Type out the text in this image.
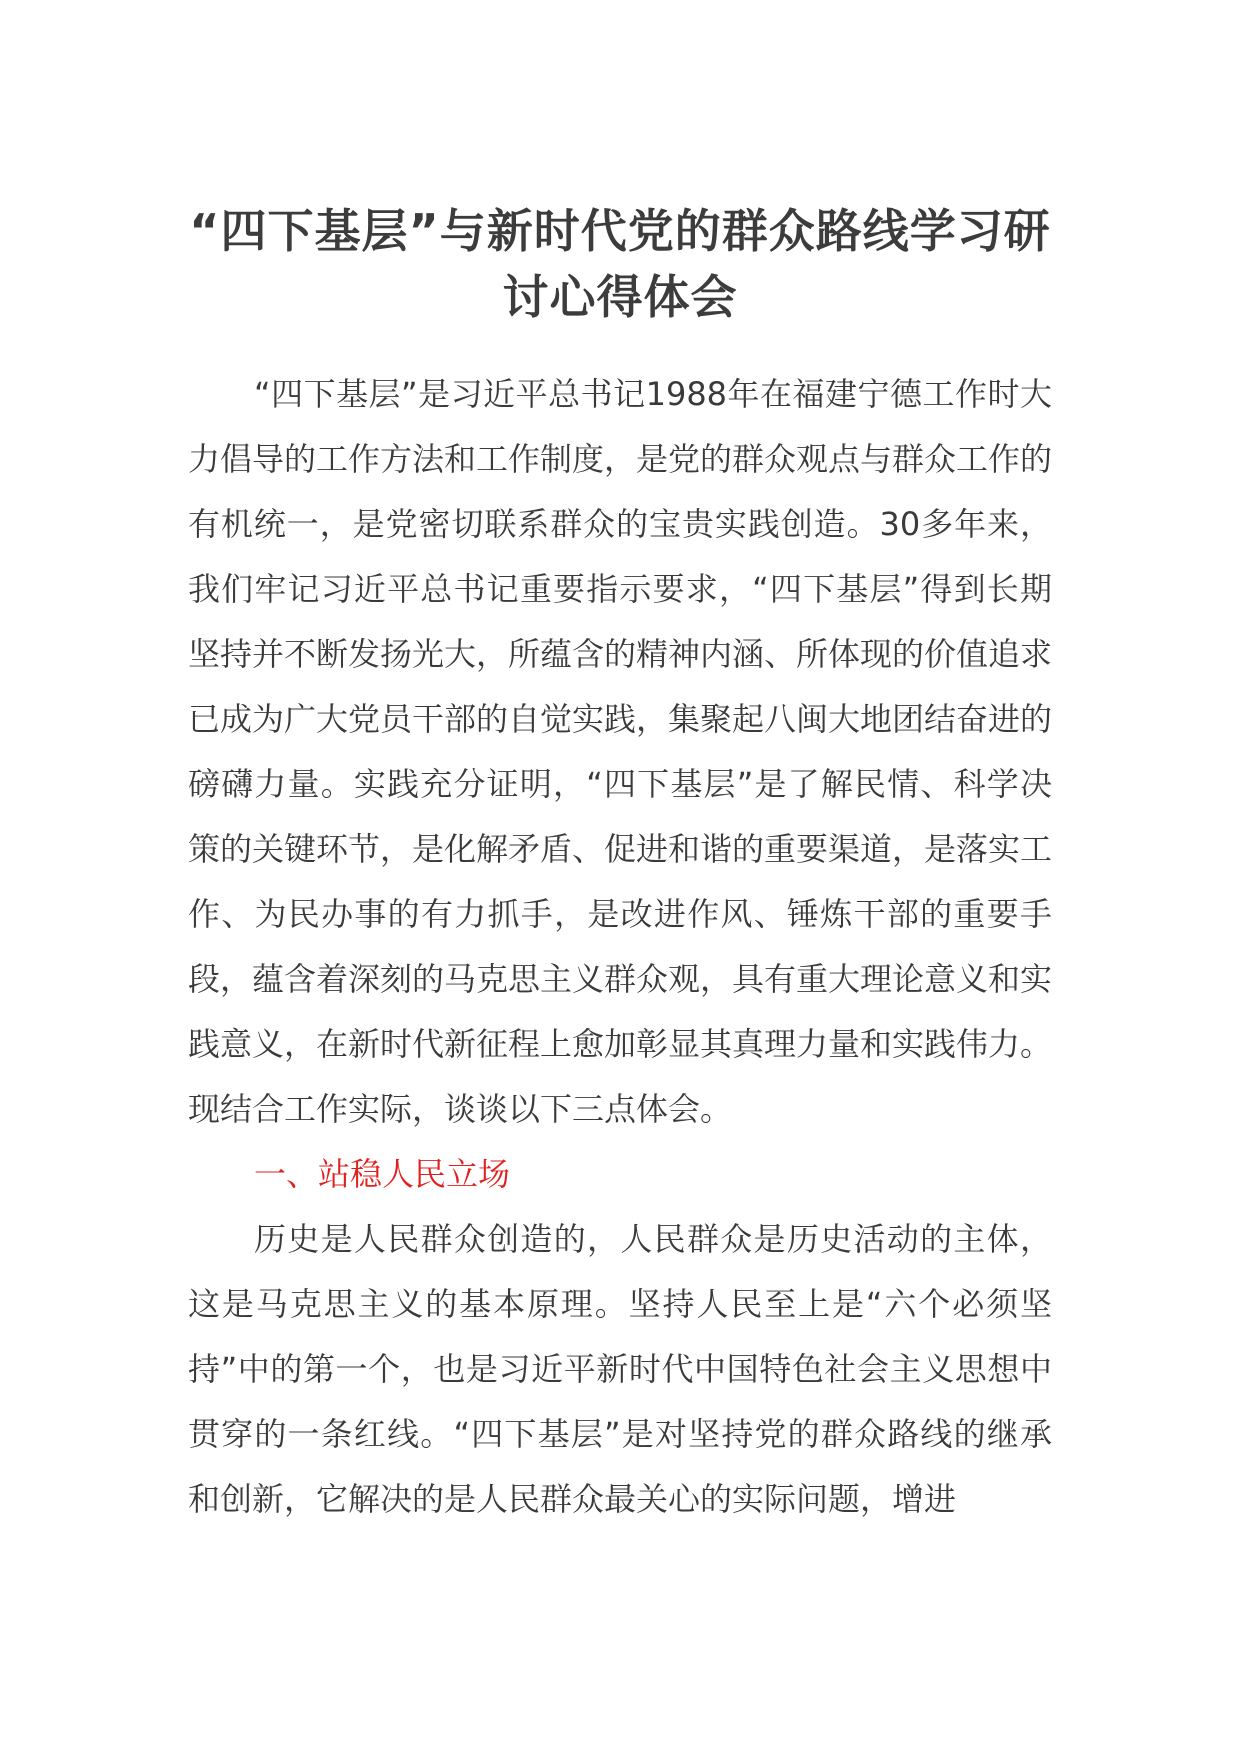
“四下基层”与新时代党的群众路线学习研讨心得体会

“四下基层”是习近平总书记1988年在福建宁德工作时大力倡导的工作方法和工作制度，是党的群众观点与群众工作的有机统一，是党密切联系群众的宝贵实践创造。30多年来，我们牢记习近平总书记重要指示要求，“四下基层”得到长期坚持并不断发扬光大，所蕴含的精神内涵、所体现的价值追求已成为广大党员干部的自觉实践，集聚起八闽大地团结奋进的磅礴力量。实践充分证明，“四下基层”是了解民情、科学决策的关键环节，是化解矛盾、促进和谐的重要渠道，是落实工作、为民办事的有力抓手，是改进作风、锤炼干部的重要手段，蕴含着深刻的马克思主义群众观，具有重大理论意义和实践意义，在新时代新征程上愈加彰显其真理力量和实践伟力。现结合工作实际，谈谈以下三点体会。

一、站稳人民立场

历史是人民群众创造的，人民群众是历史活动的主体，这是马克思主义的基本原理。坚持人民至上是“六个必须坚持”中的第一个，也是习近平新时代中国特色社会主义思想中贯穿的一条红线。“四下基层”是对坚持党的群众路线的继承和创新，它解决的是人民群众最关心的实际问题，增进
